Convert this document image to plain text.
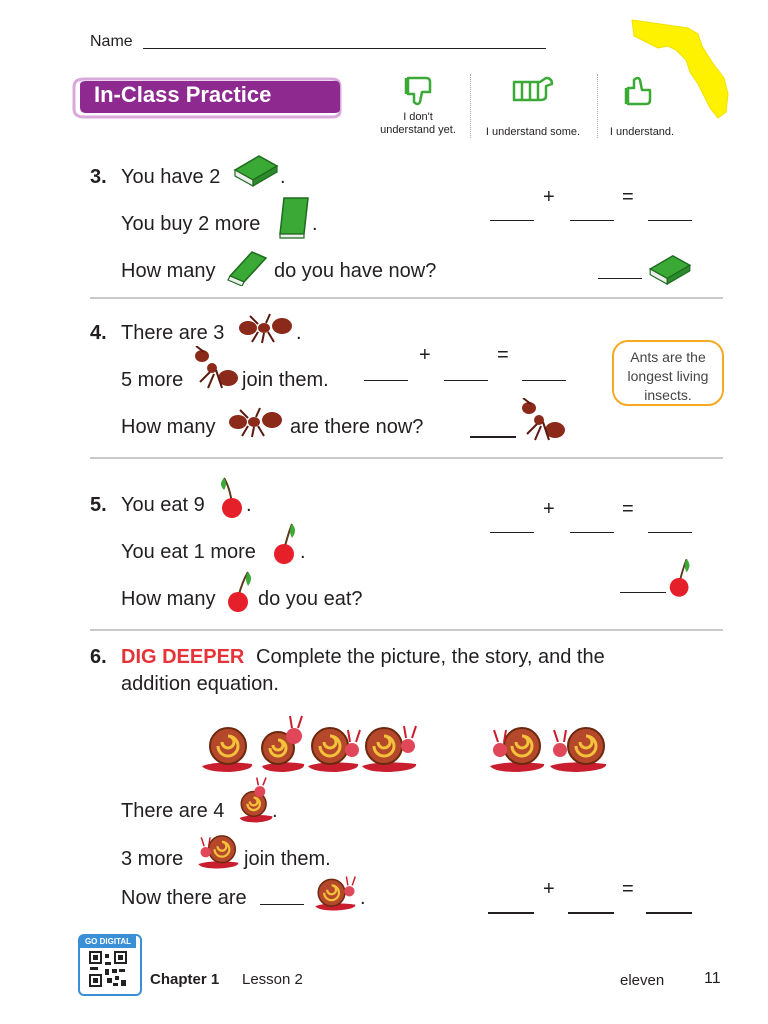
Name
In-Class Practice
I don't
understand yet.	I understand some.	I understand.
3. You have 2	.
You buy 2 more	.
How many	do you have now?
+	=
4. There are 3	.
5 more	join them.
How many	are there now?
+	=	Ants are the
longest living
insects.
5. You eat 9 .
You eat 1 more .
How many do you eat?
+	=
6. DIG DEEPER Complete the picture, the story, and the
addition equation.
There are 4 .
3 more	join them.
Now there are	.	+	=
GO DIGITAL
Chapter 1 Lesson 2	eleven 11
